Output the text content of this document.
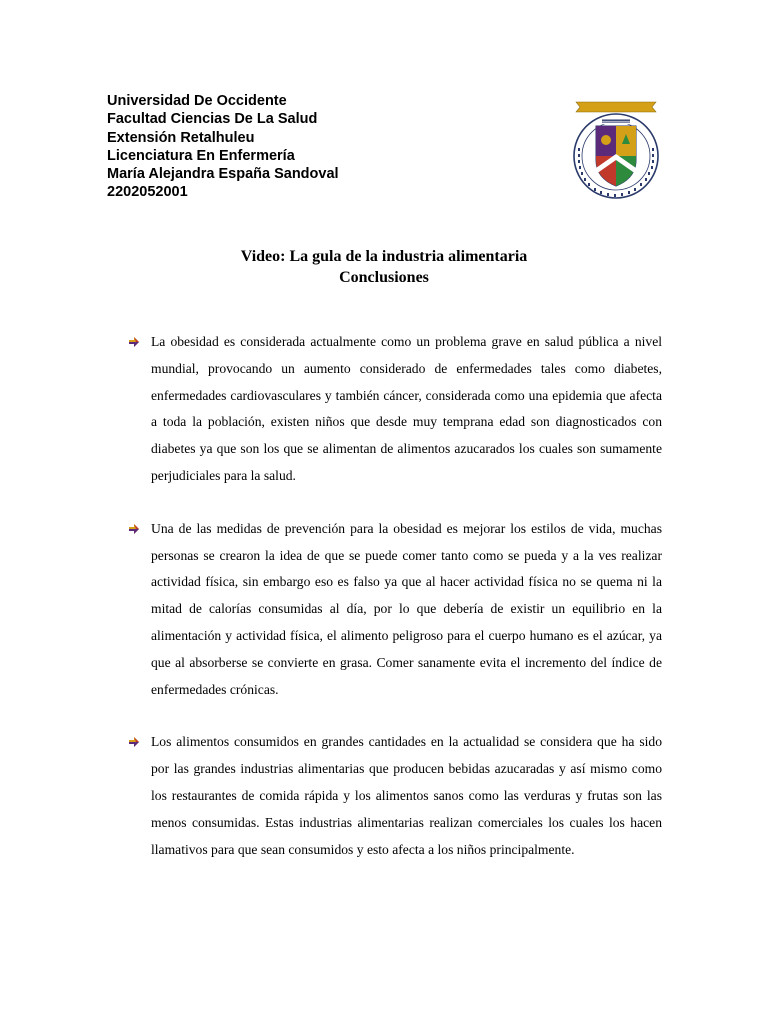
Universidad De Occidente
Facultad Ciencias De La Salud
Extensión Retalhuleu
Licenciatura En Enfermería
María Alejandra España Sandoval
2202052001
Video: La gula de la industria alimentaria
Conclusiones
La obesidad es considerada actualmente como un problema grave en salud pública a nivel mundial, provocando un aumento considerado de enfermedades tales como diabetes, enfermedades cardiovasculares y también cáncer, considerada como una epidemia que afecta a toda la población, existen niños que desde muy temprana edad son diagnosticados con diabetes ya que son los que se alimentan de alimentos azucarados los cuales son sumamente perjudiciales para la salud.
Una de las medidas de prevención para la obesidad es mejorar los estilos de vida, muchas personas se crearon la idea de que se puede comer tanto como se pueda y a la ves realizar actividad física, sin embargo eso es falso ya que al hacer actividad física no se quema ni la mitad de calorías consumidas al día, por lo que debería de existir un equilibrio en la alimentación y actividad física, el alimento peligroso para el cuerpo humano es el azúcar, ya que al absorberse se convierte en grasa. Comer sanamente evita el incremento del índice de enfermedades crónicas.
Los alimentos consumidos en grandes cantidades en la actualidad se considera que ha sido por las grandes industrias alimentarias que producen bebidas azucaradas y así mismo como los restaurantes de comida rápida y los alimentos sanos como las verduras y frutas son las menos consumidas. Estas industrias alimentarias realizan comerciales los cuales los hacen llamativos para que sean consumidos y esto afecta a los niños principalmente.
